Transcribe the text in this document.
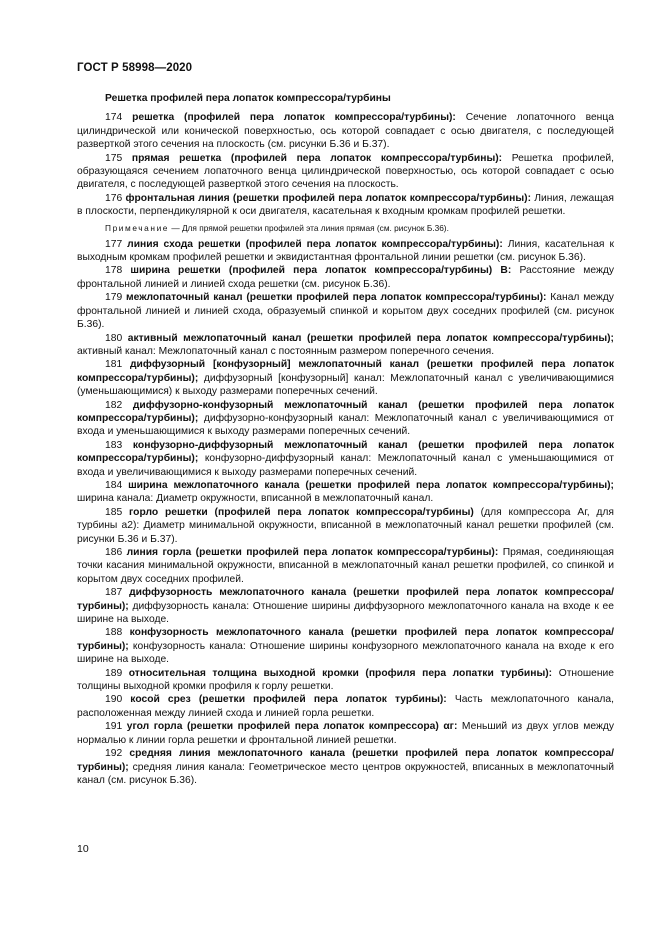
ГОСТ Р 58998—2020

Решетка профилей пера лопаток компрессора/турбины

174 решетка (профилей пера лопаток компрессора/турбины): Сечение лопаточного венца цилиндрической или конической поверхностью, ось которой совпадает с осью двигателя, с последующей разверткой этого сечения на плоскость (см. рисунки Б.36 и Б.37).

175 прямая решетка (профилей пера лопаток компрессора/турбины): Решетка профилей, образующаяся сечением лопаточного венца цилиндрической поверхностью, ось которой совпадает с осью двигателя, с последующей разверткой этого сечения на плоскость.

176 фронтальная линия (решетки профилей пера лопаток компрессора/турбины): Линия, лежащая в плоскости, перпендикулярной к оси двигателя, касательная к входным кромкам профилей решетки.

Примечание — Для прямой решетки профилей эта линия прямая (см. рисунок Б.36).

177 линия схода решетки (профилей пера лопаток компрессора/турбины): Линия, касательная к выходным кромкам профилей решетки и эквидистантная фронтальной линии решетки (см. рисунок Б.36).

178 ширина решетки (профилей пера лопаток компрессора/турбины) B: Расстояние между фронтальной линией и линией схода решетки (см. рисунок Б.36).

179 межлопаточный канал (решетки профилей пера лопаток компрессора/турбины): Канал между фронтальной линией и линией схода, образуемый спинкой и корытом двух соседних профилей (см. рисунок Б.36).

180 активный межлопаточный канал (решетки профилей пера лопаток компрессора/турбины); активный канал: Межлопаточный канал с постоянным размером поперечного сечения.

181 диффузорный [конфузорный] межлопаточный канал (решетки профилей пера лопаток компрессора/турбины); диффузорный [конфузорный] канал: Межлопаточный канал с увеличивающимися (уменьшающимися) к выходу размерами поперечных сечений.

182 диффузорно-конфузорный межлопаточный канал (решетки профилей пера лопаток компрессора/турбины); диффузорно-конфузорный канал: Межлопаточный канал с увеличивающимися от входа и уменьшающимися к выходу размерами поперечных сечений.

183 конфузорно-диффузорный межлопаточный канал (решетки профилей пера лопаток компрессора/турбины); конфузорно-диффузорный канал: Межлопаточный канал с уменьшающимися от входа и увеличивающимися к выходу размерами поперечных сечений.

184 ширина межлопаточного канала (решетки профилей пера лопаток компрессора/турбины); ширина канала: Диаметр окружности, вписанной в межлопаточный канал.

185 горло решетки (профилей пера лопаток компрессора/турбины) (для компрессора Aг, для турбины a2): Диаметр минимальной окружности, вписанной в межлопаточный канал решетки профилей (см. рисунки Б.36 и Б.37).

186 линия горла (решетки профилей пера лопаток компрессора/турбины): Прямая, соединяющая точки касания минимальной окружности, вписанной в межлопаточный канал решетки профилей, со спинкой и корытом двух соседних профилей.

187 диффузорность межлопаточного канала (решетки профилей пера лопаток компрессора/турбины); диффузорность канала: Отношение ширины диффузорного межлопаточного канала на входе к ее ширине на выходе.

188 конфузорность межлопаточного канала (решетки профилей пера лопаток компрессора/турбины); конфузорность канала: Отношение ширины конфузорного межлопаточного канала на входе к его ширине на выходе.

189 относительная толщина выходной кромки (профиля пера лопатки турбины): Отношение толщины выходной кромки профиля к горлу решетки.

190 косой срез (решетки профилей пера лопаток турбины): Часть межлопаточного канала, расположенная между линией схода и линией горла решетки.

191 угол горла (решетки профилей пера лопаток компрессора) αг: Меньший из двух углов между нормалью к линии горла решетки и фронтальной линией решетки.

192 средняя линия межлопаточного канала (решетки профилей пера лопаток компрессора/турбины); средняя линия канала: Геометрическое место центров окружностей, вписанных в межлопаточный канал (см. рисунок Б.36).

10
